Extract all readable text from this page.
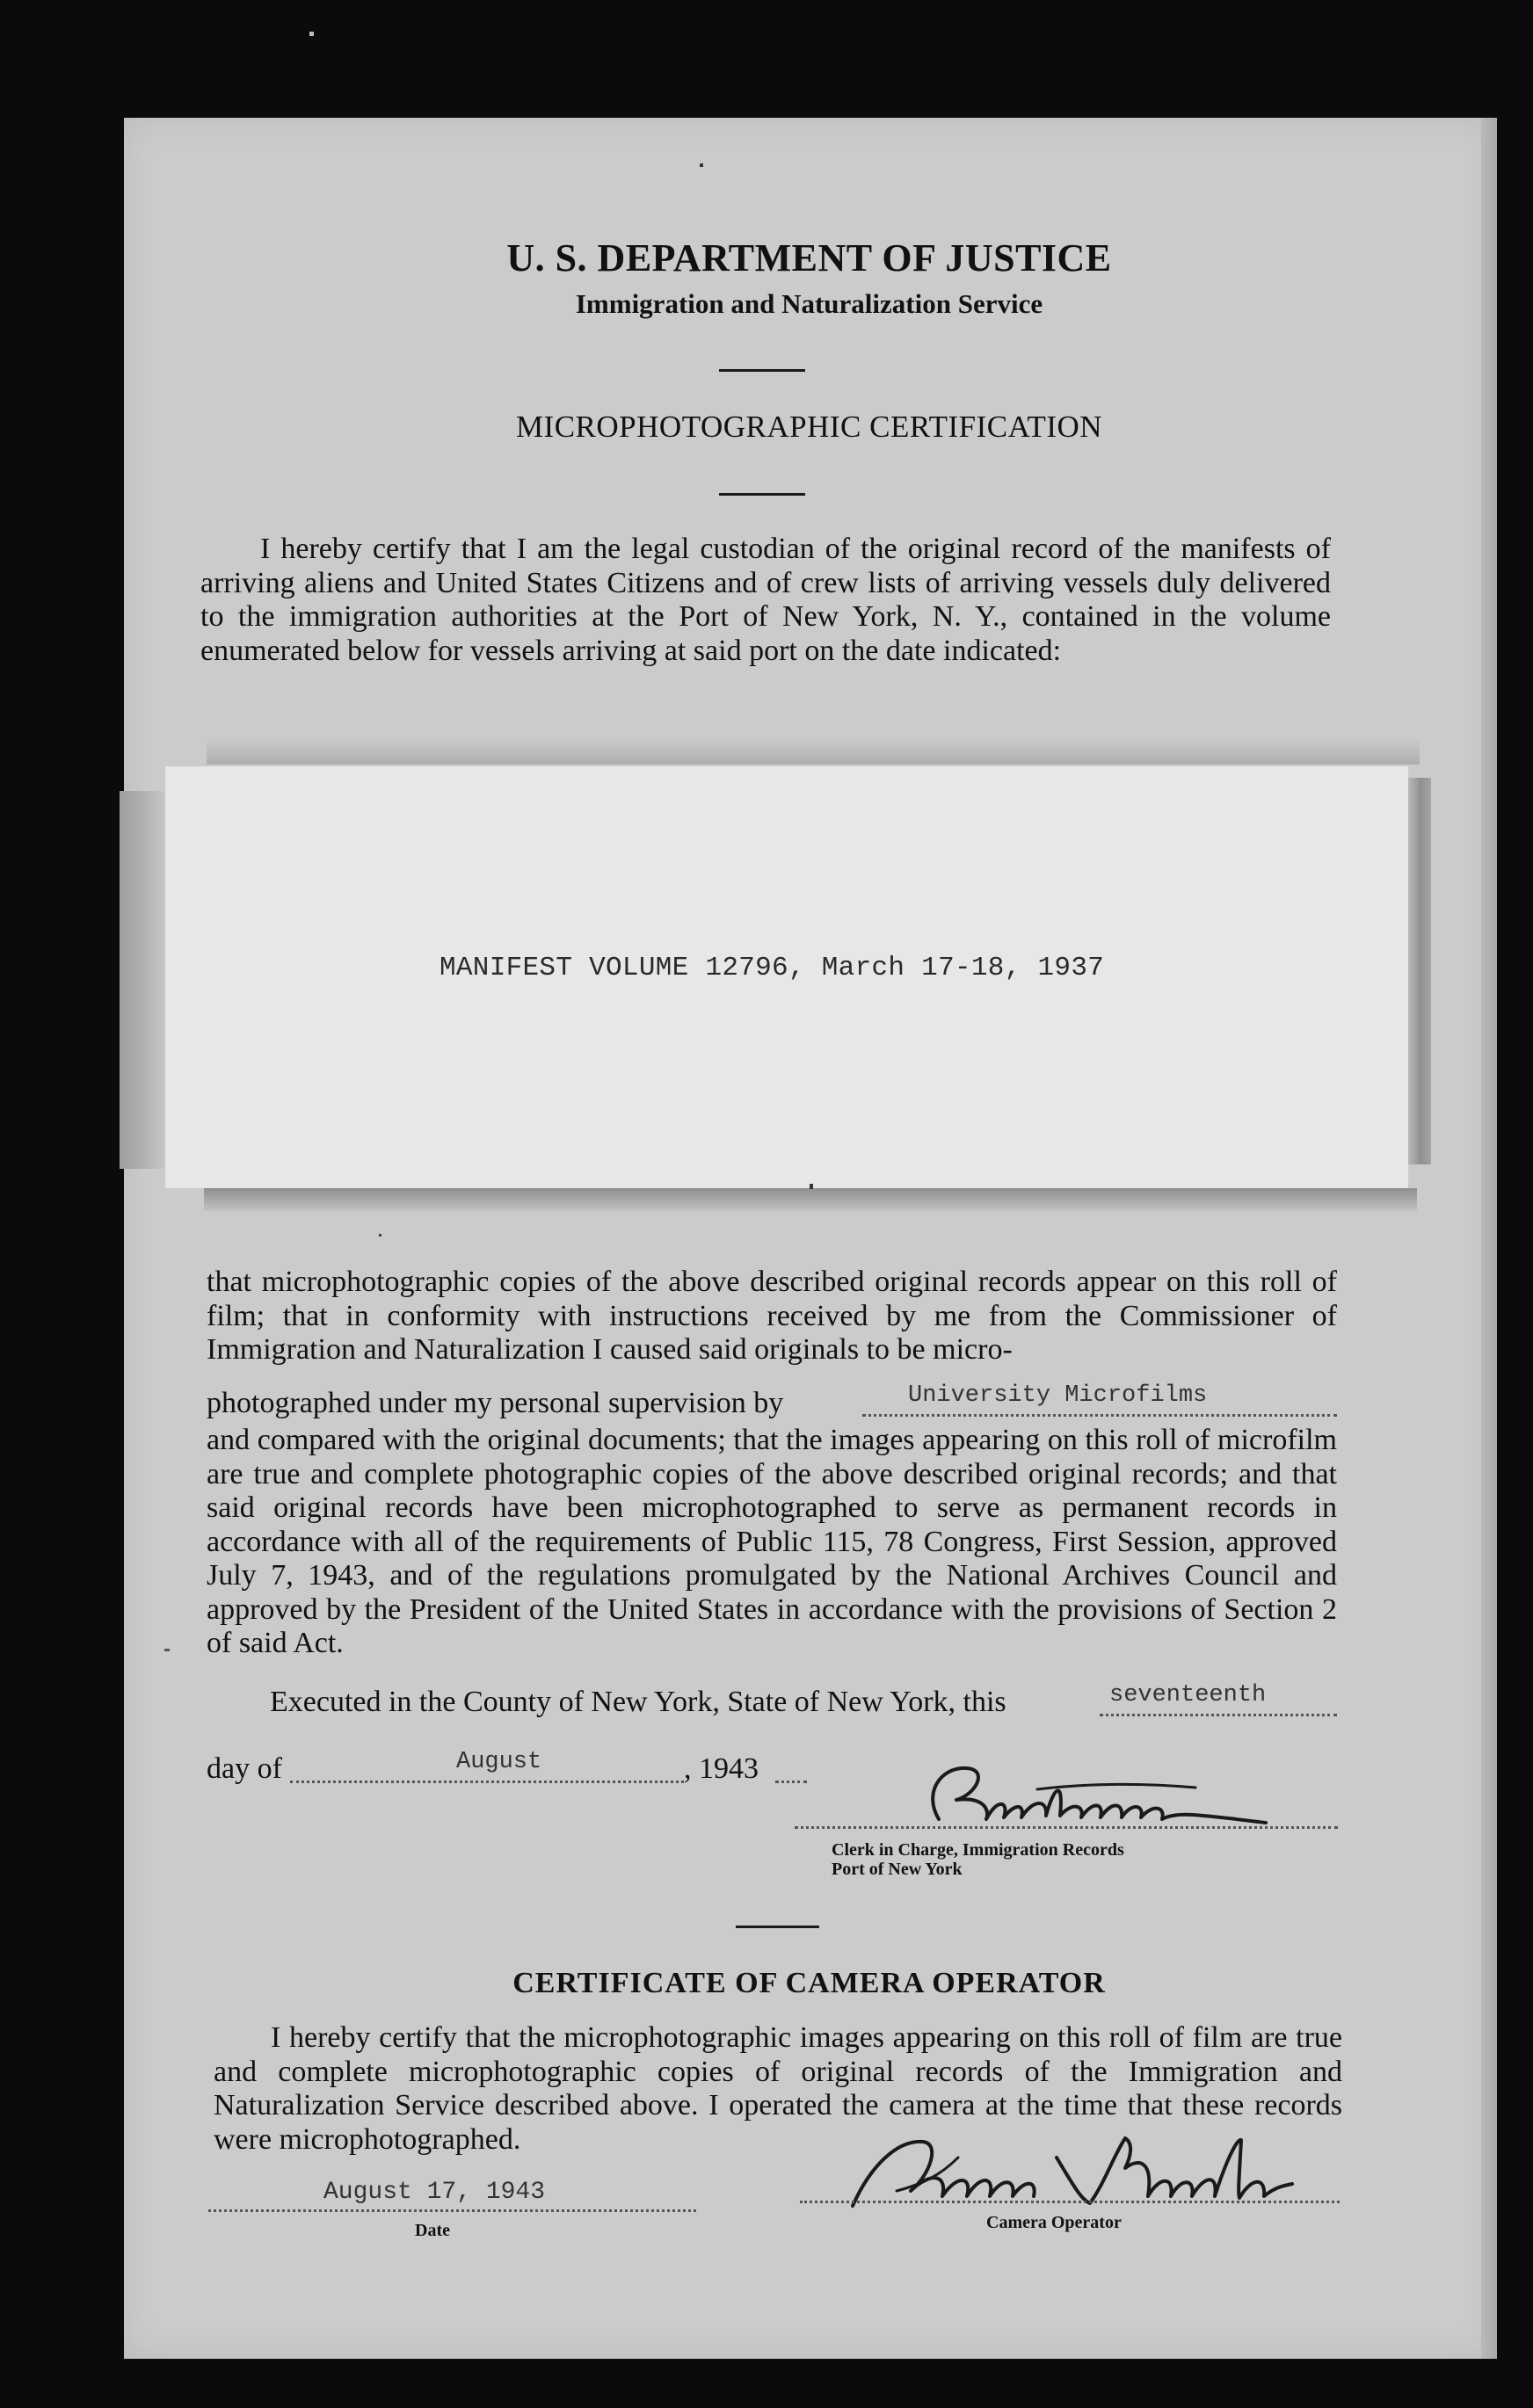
U. S. DEPARTMENT OF JUSTICE
Immigration and Naturalization Service
MICROPHOTOGRAPHIC CERTIFICATION

I hereby certify that I am the legal custodian of the original record of the manifests of arriving aliens and United States Citizens and of crew lists of arriving vessels duly delivered to the immigration authorities at the Port of New York, N. Y., contained in the volume enumerated below for vessels arriving at said port on the date indicated:

MANIFEST VOLUME 12796, March 17-18, 1937

that microphotographic copies of the above described original records appear on this roll of film; that in conformity with instructions received by me from the Commissioner of Immigration and Naturalization I caused said originals to be micro-

photographed under my personal supervision by	University Microfilms

and compared with the original documents; that the images appearing on this roll of microfilm are true and complete photographic copies of the above described original records; and that said original records have been microphotographed to serve as permanent records in accordance with all of the requirements of Public 115, 78 Congress, First Session, approved July 7, 1943, and of the regulations promulgated by the National Archives Council and approved by the President of the United States in accordance with the provisions of Section 2 of said Act.

Executed in the County of New York, State of New York, this	seventeenth

day of	August	, 1943

Clerk in Charge, Immigration Records

Port of New York

CERTIFICATE OF CAMERA OPERATOR

I hereby certify that the microphotographic images appearing on this roll of film are true and complete microphotographic copies of original records of the Immigration and Naturalization Service described above. I operated the camera at the time that these records were microphotographed.

August 17, 1943

Date	Camera Operator
